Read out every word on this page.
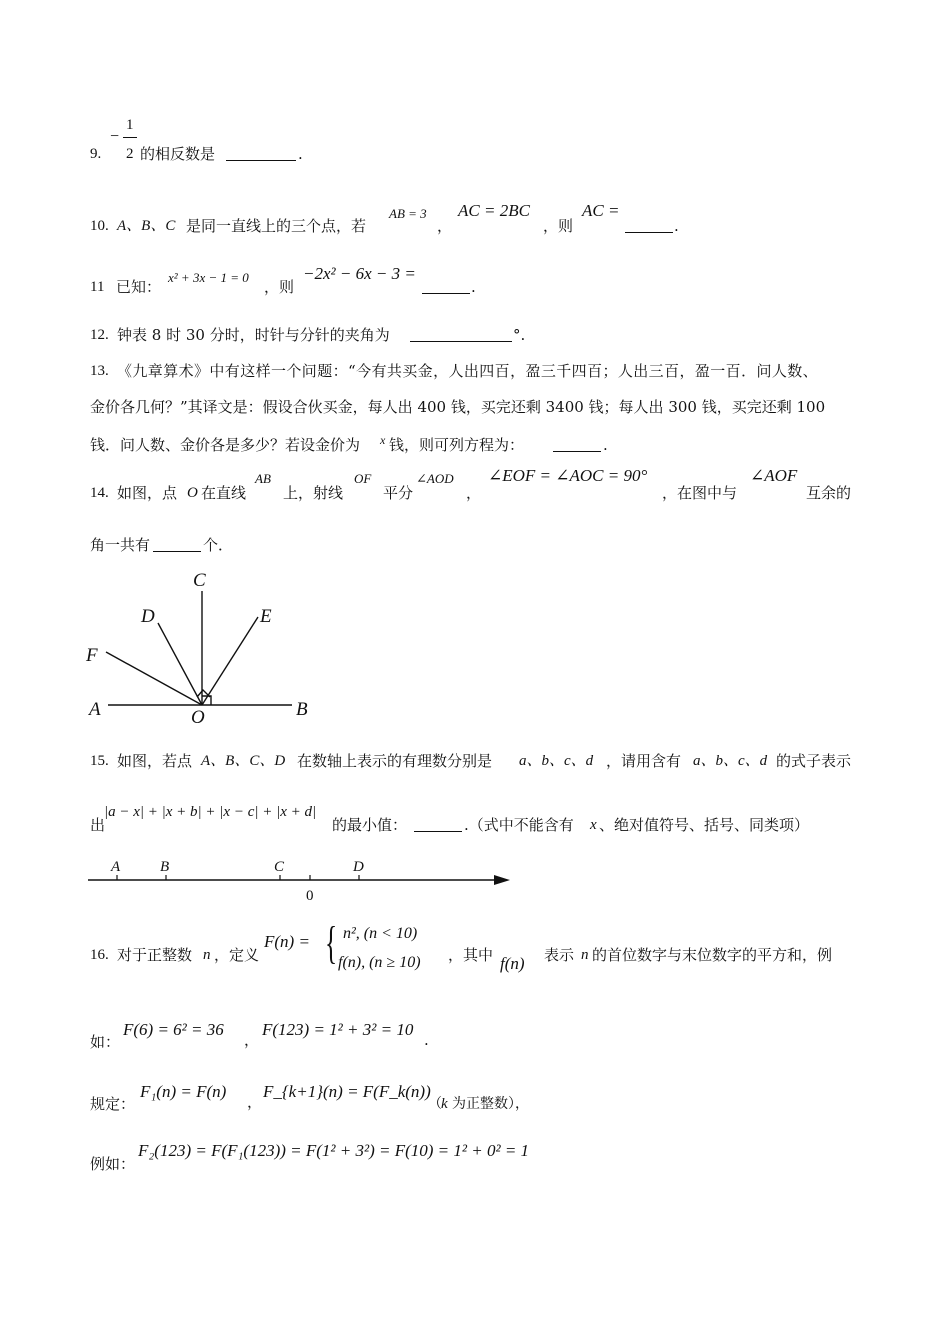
9.
−
1
2 的相反数是	.
10. A、B、C 是同一直线上的三个点，若
AB = 3
，
AC = 2BC
，则
AC =
.
11 已知：
x² + 3x − 1 = 0
，则
−2x² − 6x − 3 =
.
12. 钟表 8 时 30 分时，时针与分针的夹角为	°.
13. 《九章算术》中有这样一个问题：“今有共买金，人出四百，盈三千四百；人出三百，盈一百．问人数、
金价各几何？”其译文是：假设合伙买金，每人出 400 钱，买完还剩 3400 钱；每人出 300 钱，买完还剩 100
钱．问人数、金价各是多少？若设金价为 x 钱，则可列方程为：	.
14. 如图，点 O 在直线
AB
上，射线
OF
平分
∠AOD
，
∠EOF = ∠AOC = 90°
，在图中与
∠AOF
互余的
角一共有	个．
C
D	E
F
A	B
O
15. 如图，若点 A、B、C、D 在数轴上表示的有理数分别是 a、b、c、d ，请用含有 a、b、c、d 的式子表示
出
|a − x| + |x + b| + |x − c| + |x + d|
的最小值：	.（式中不能含有 x 、绝对值符号、括号、同类项）
A	B	C	D
0
16. 对于正整数 n ，定义
F(n) = { n², (n < 10)
f(n), (n ≥ 10) ，其中 f(n) 表示 n 的首位数字与末位数字的平方和，例
如：
F(6) = 6² = 36
，
F(123) = 1² + 3² = 10
.
规定：
F₁(n) = F(n)
，
F_{k+1}(n) = F(F_k(n))
（ k 为正整数），
例如：
F₂(123) = F(F₁(123)) = F(1² + 3²) = F(10) = 1² + 0² = 1
